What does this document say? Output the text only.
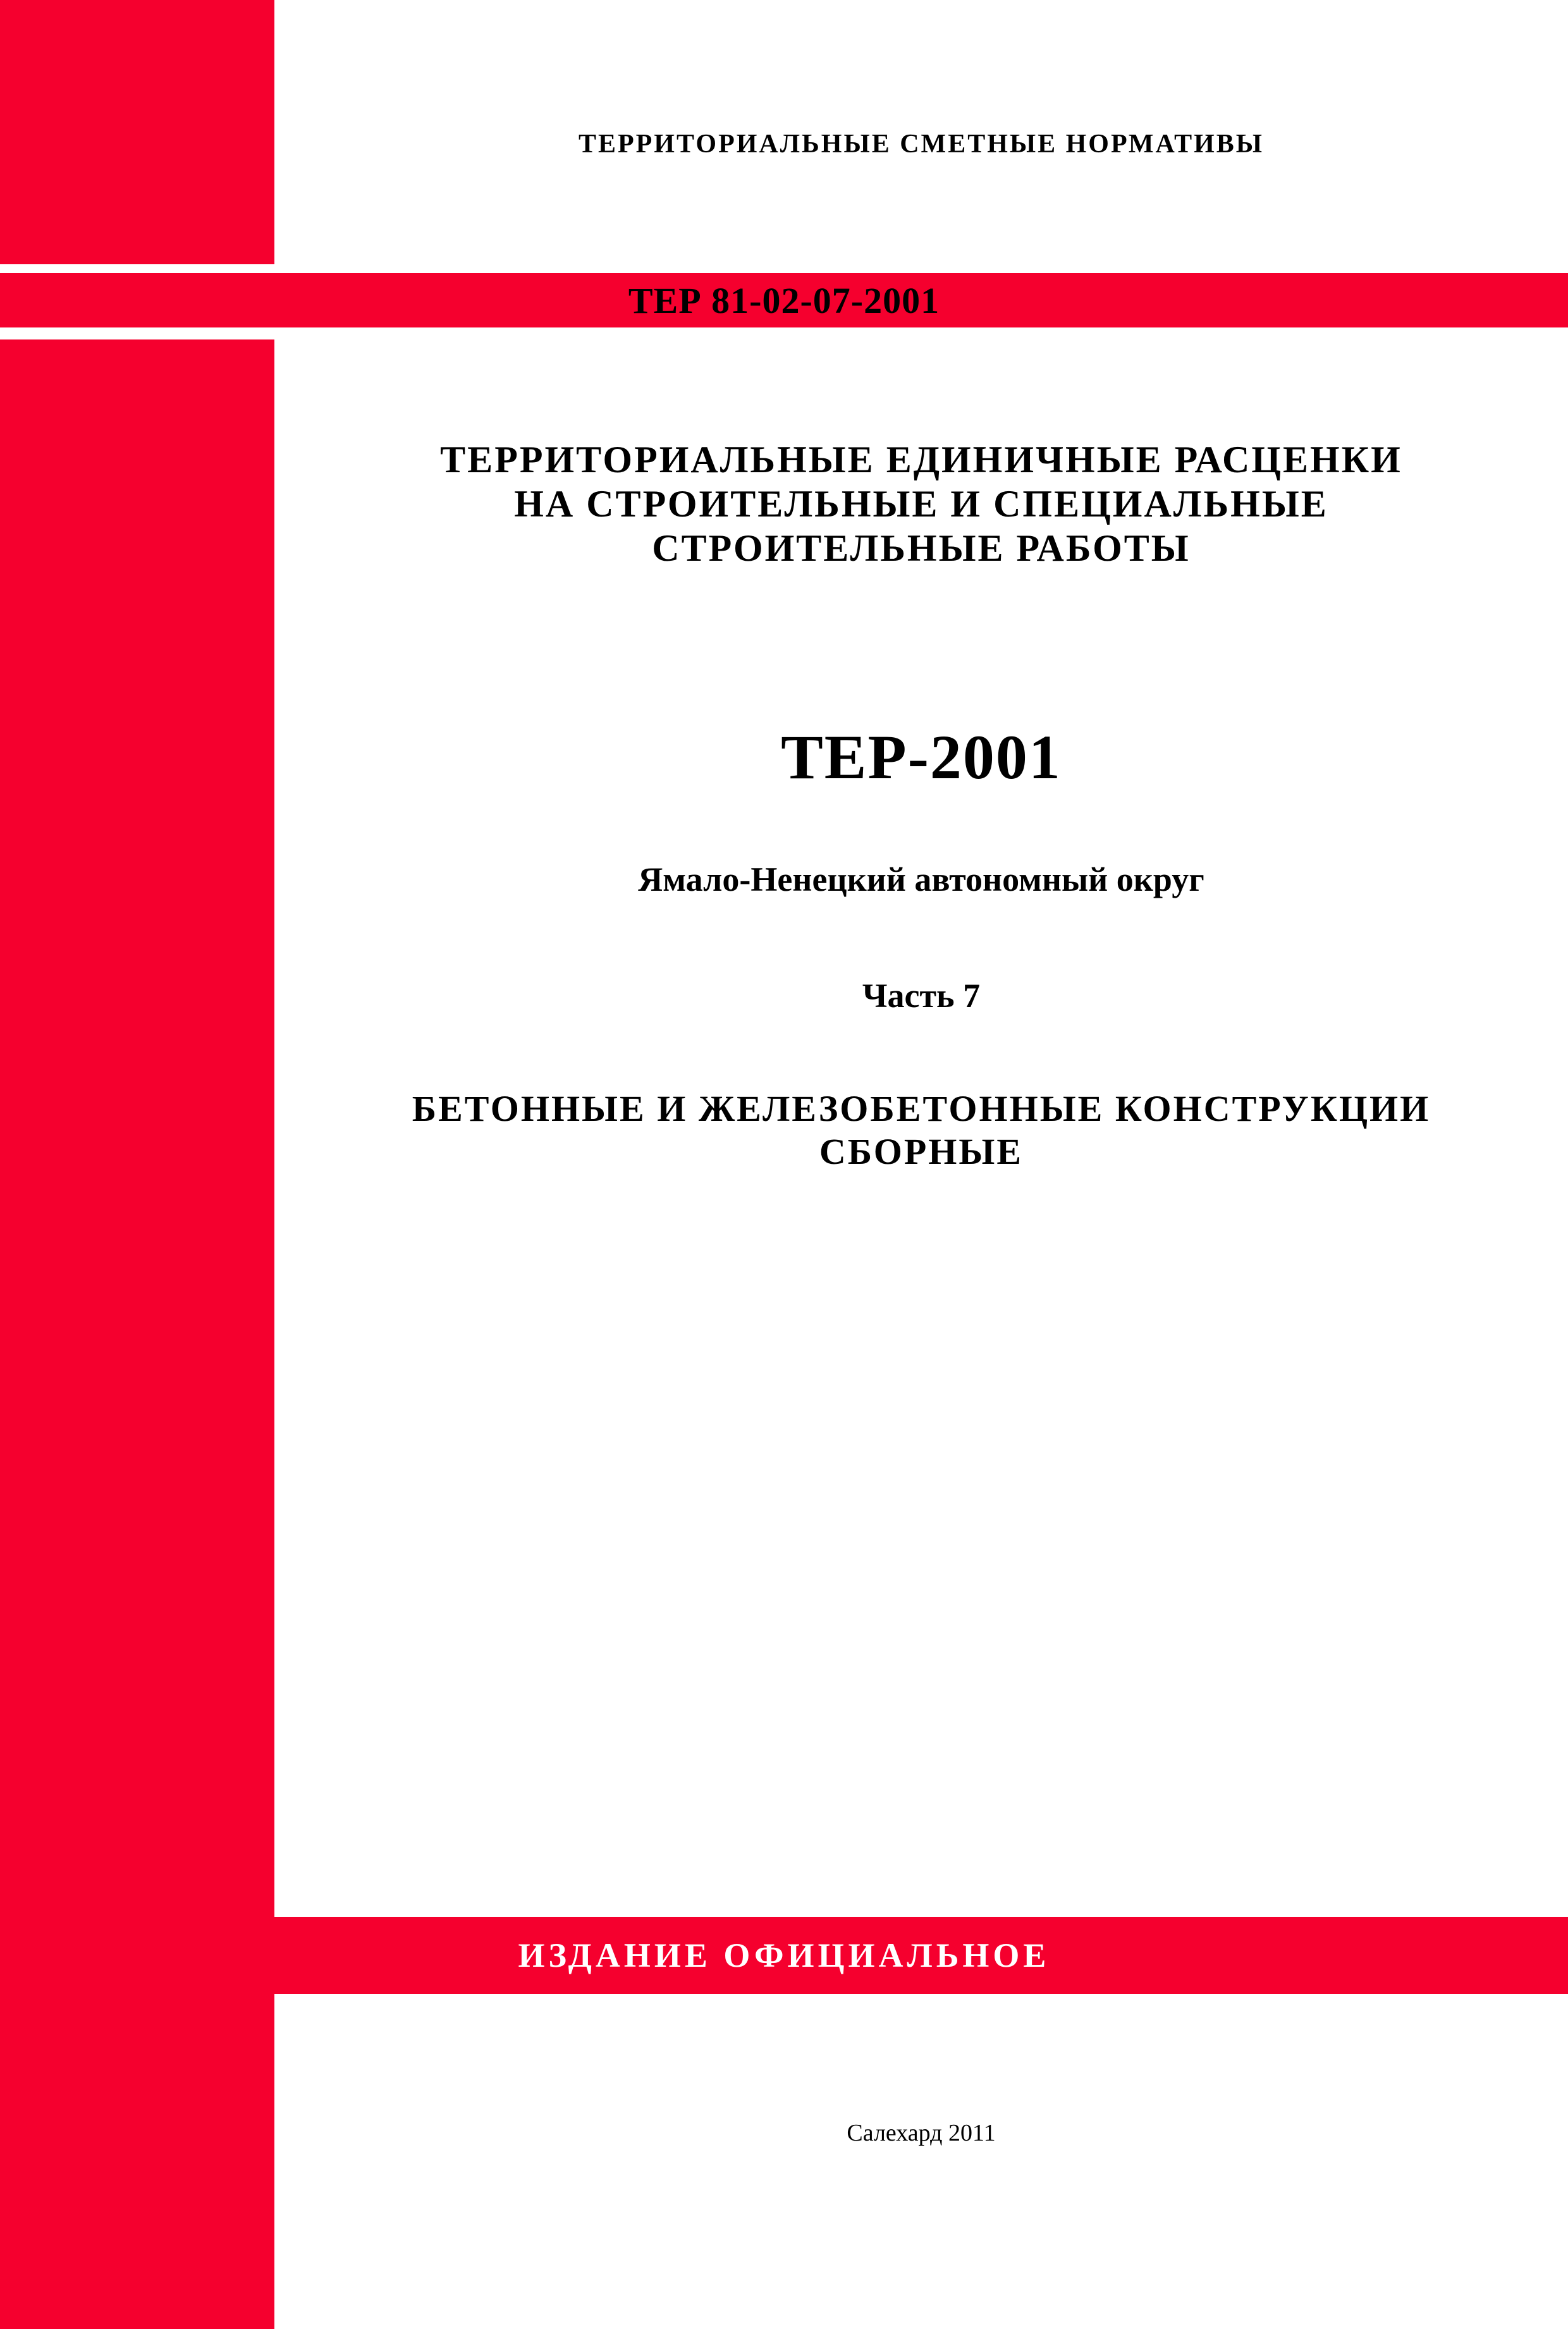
ТЕРРИТОРИАЛЬНЫЕ СМЕТНЫЕ НОРМАТИВЫ
ТЕР 81-02-07-2001
ТЕРРИТОРИАЛЬНЫЕ ЕДИНИЧНЫЕ РАСЦЕНКИ
НА СТРОИТЕЛЬНЫЕ И СПЕЦИАЛЬНЫЕ
СТРОИТЕЛЬНЫЕ РАБОТЫ
ТЕР-2001
Ямало-Ненецкий автономный округ
Часть 7
БЕТОННЫЕ И ЖЕЛЕЗОБЕТОННЫЕ КОНСТРУКЦИИ
СБОРНЫЕ
ИЗДАНИЕ ОФИЦИАЛЬНОЕ
Салехард 2011
